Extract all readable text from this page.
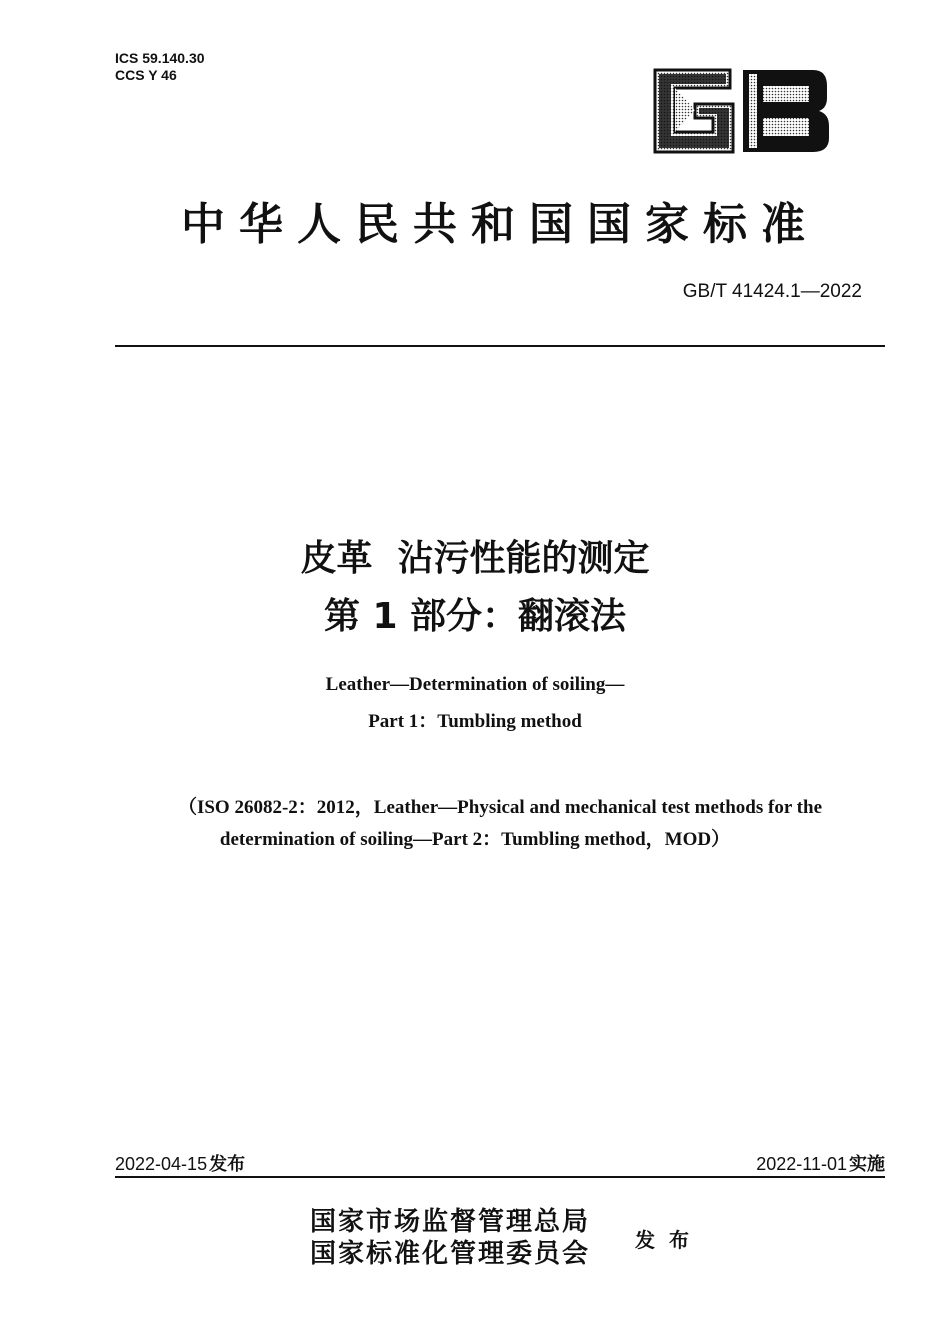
ICS 59.140.30
CCS Y 46
中华人民共和国国家标准
GB/T 41424.1—2022
皮革  沾污性能的测定
第 1 部分：翻滚法
Leather—Determination of soiling—
Part 1：Tumbling method
（ISO 26082-2：2012，Leather—Physical and mechanical test methods for the
determination of soiling—Part 2：Tumbling method，MOD）
2022-04-15 发布	2022-11-01 实施
国家市场监督管理总局
国家标准化管理委员会 发布
